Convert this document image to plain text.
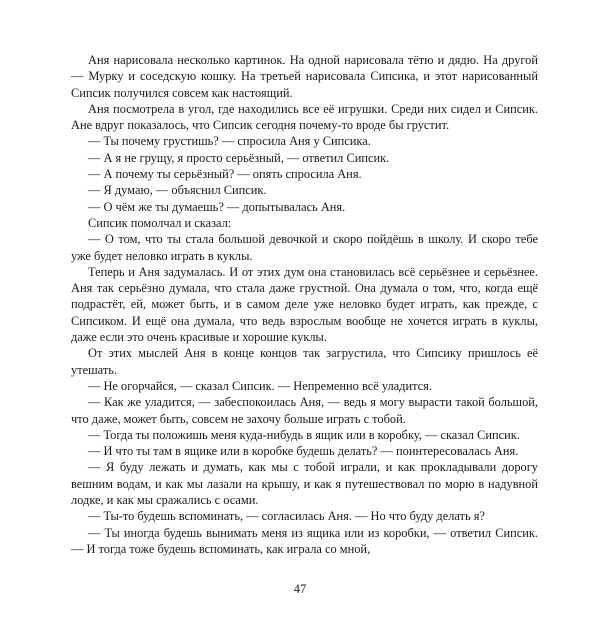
Аня нарисовала несколько картинок. На одной нарисовала тётю и дядю. На другой — Мурку и соседскую кошку. На третьей нарисовала Сипсика, и этот нарисованный Сипсик получился совсем как настоящий.

Аня посмотрела в угол, где находились все её игрушки. Среди них сидел и Сипсик. Ане вдруг показалось, что Сипсик сегодня почему-то вроде бы грустит.

— Ты почему грустишь? — спросила Аня у Сипсика.

— А я не грущу, я просто серьёзный, — ответил Сипсик.

— А почему ты серьёзный? — опять спросила Аня.

— Я думаю, — объяснил Сипсик.

— О чём же ты думаешь? — допытывалась Аня.

Сипсик помолчал и сказал:

— О том, что ты стала большой девочкой и скоро пойдёшь в школу. И скоро тебе уже будет неловко играть в куклы.

Теперь и Аня задумалась. И от этих дум она становилась всё серьёзнее и серьёзнее. Аня так серьёзно думала, что стала даже грустной. Она думала о том, что, когда ещё подрастёт, ей, может быть, и в самом деле уже неловко будет играть, как прежде, с Сипсиком. И ещё она думала, что ведь взрослым вообще не хочется играть в куклы, даже если это очень красивые и хорошие куклы.

От этих мыслей Аня в конце концов так загрустила, что Сипсику пришлось её утешать.

— Не огорчайся, — сказал Сипсик. — Непременно всё уладится.

— Как же уладится, — забеспокоилась Аня, — ведь я могу вырасти такой большой, что даже, может быть, совсем не захочу больше играть с тобой.

— Тогда ты положишь меня куда-нибудь в ящик или в коробку, — сказал Сипсик.

— И что ты там в ящике или в коробке будешь делать? — поинтересовалась Аня.

— Я буду лежать и думать, как мы с тобой играли, и как прокладывали дорогу вешним водам, и как мы лазали на крышу, и как я путешествовал по морю в надувной лодке, и как мы сражались с осами.

— Ты-то будешь вспоминать, — согласилась Аня. — Но что буду делать я?

— Ты иногда будешь вынимать меня из ящика или из коробки, — ответил Сипсик. — И тогда тоже будешь вспоминать, как играла со мной,

47
